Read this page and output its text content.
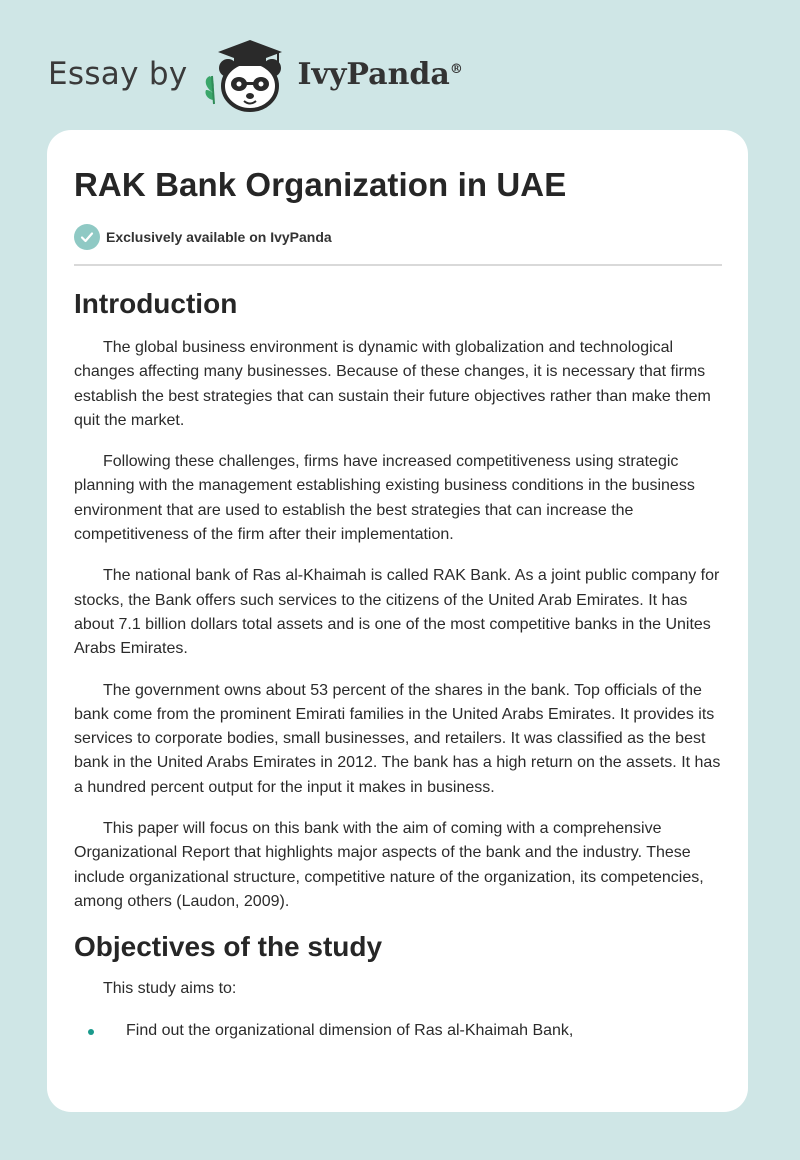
Essay by	IvyPanda®
RAK Bank Organization in UAE
Exclusively available on IvyPanda
Introduction

The global business environment is dynamic with globalization and technological changes affecting many businesses. Because of these changes, it is necessary that firms establish the best strategies that can sustain their future objectives rather than make them quit the market.

Following these challenges, firms have increased competitiveness using strategic planning with the management establishing existing business conditions in the business environment that are used to establish the best strategies that can increase the competitiveness of the firm after their implementation.

The national bank of Ras al-Khaimah is called RAK Bank. As a joint public company for stocks, the Bank offers such services to the citizens of the United Arab Emirates. It has about 7.1 billion dollars total assets and is one of the most competitive banks in the Unites Arabs Emirates.

The government owns about 53 percent of the shares in the bank. Top officials of the bank come from the prominent Emirati families in the United Arabs Emirates. It provides its services to corporate bodies, small businesses, and retailers. It was classified as the best bank in the United Arabs Emirates in 2012. The bank has a high return on the assets. It has a hundred percent output for the input it makes in business.

This paper will focus on this bank with the aim of coming with a comprehensive Organizational Report that highlights major aspects of the bank and the industry. These include organizational structure, competitive nature of the organization, its competencies, among others (Laudon, 2009).

Objectives of the study

This study aims to:

Find out the organizational dimension of Ras al-Khaimah Bank,
